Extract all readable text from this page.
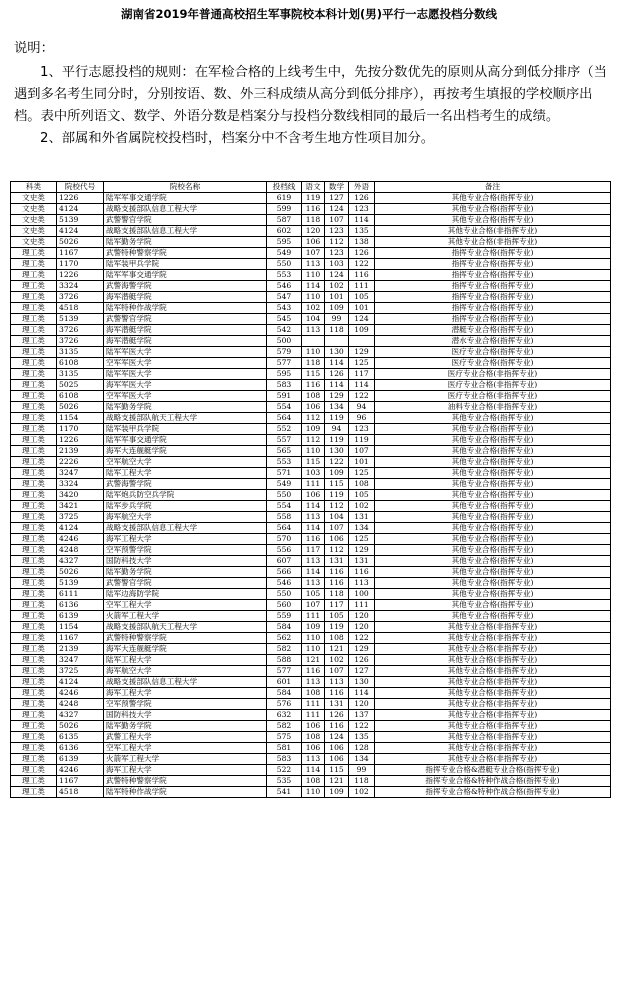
湖南省2019年普通高校招生军事院校本科计划(男)平行一志愿投档分数线

说明：

1、平行志愿投档的规则：在军检合格的上线考生中，先按分数优先的原则从高分到低分排序（当遇到多名考生同分时，分别按语、数、外三科成绩从高分到低分排序），再按考生填报的学校顺序出档。表中所列语文、数学、外语分数是档案分与投档分数线相同的最后一名出档考生的成绩。

2、部属和外省属院校投档时，档案分中不含考生地方性项目加分。

科类	院校代号	院校名称	投档线	语文	数学	外语	备注
文史类	1226	陆军军事交通学院	619	119	127	126	其他专业合格(指挥专业)
文史类	4124	战略支援部队信息工程大学	599	116	124	123	其他专业合格(指挥专业)
文史类	5139	武警警官学院	587	118	107	114	其他专业合格(指挥专业)
文史类	4124	战略支援部队信息工程大学	602	120	123	135	其他专业合格(非指挥专业)
文史类	5026	陆军勤务学院	595	106	112	138	其他专业合格(非指挥专业)
理工类	1167	武警特种警察学院	549	107	123	126	指挥专业合格(指挥专业)
理工类	1170	陆军装甲兵学院	550	113	103	122	指挥专业合格(指挥专业)
理工类	1226	陆军军事交通学院	553	110	124	116	指挥专业合格(指挥专业)
理工类	3324	武警海警学院	546	114	102	111	指挥专业合格(指挥专业)
理工类	3726	海军潜艇学院	547	110	101	105	指挥专业合格(指挥专业)
理工类	4518	陆军特种作战学院	543	102	109	101	指挥专业合格(指挥专业)
理工类	5139	武警警官学院	545	104	99	124	指挥专业合格(指挥专业)
理工类	3726	海军潜艇学院	542	113	118	109	潜艇专业合格(指挥专业)
理工类	3726	海军潜艇学院	500				潜水专业合格(指挥专业)
理工类	3135	陆军军医大学	579	110	130	129	医疗专业合格(指挥专业)
理工类	6108	空军军医大学	577	118	114	125	医疗专业合格(指挥专业)
理工类	3135	陆军军医大学	595	115	126	117	医疗专业合格(非指挥专业)
理工类	5025	海军军医大学	583	116	114	114	医疗专业合格(非指挥专业)
理工类	6108	空军军医大学	591	108	129	122	医疗专业合格(非指挥专业)
理工类	5026	陆军勤务学院	554	106	134	94	油料专业合格(非指挥专业)
理工类	1154	战略支援部队航天工程大学	564	112	119	96	其他专业合格(指挥专业)
理工类	1170	陆军装甲兵学院	552	109	94	123	其他专业合格(指挥专业)
理工类	1226	陆军军事交通学院	557	112	119	119	其他专业合格(指挥专业)
理工类	2139	海军大连舰艇学院	565	110	130	107	其他专业合格(指挥专业)
理工类	2226	空军航空大学	553	115	122	101	其他专业合格(指挥专业)
理工类	3247	陆军工程大学	571	103	109	125	其他专业合格(指挥专业)
理工类	3324	武警海警学院	549	111	115	108	其他专业合格(指挥专业)
理工类	3420	陆军炮兵防空兵学院	550	106	119	105	其他专业合格(指挥专业)
理工类	3421	陆军步兵学院	554	114	112	102	其他专业合格(指挥专业)
理工类	3725	海军航空大学	558	113	104	131	其他专业合格(指挥专业)
理工类	4124	战略支援部队信息工程大学	564	114	107	134	其他专业合格(指挥专业)
理工类	4246	海军工程大学	570	116	106	125	其他专业合格(指挥专业)
理工类	4248	空军预警学院	556	117	112	129	其他专业合格(指挥专业)
理工类	4327	国防科技大学	607	113	131	131	其他专业合格(指挥专业)
理工类	5026	陆军勤务学院	566	114	116	116	其他专业合格(指挥专业)
理工类	5139	武警警官学院	546	113	116	113	其他专业合格(指挥专业)
理工类	6111	陆军边海防学院	550	105	118	100	其他专业合格(指挥专业)
理工类	6136	空军工程大学	560	107	117	111	其他专业合格(指挥专业)
理工类	6139	火箭军工程大学	559	111	105	120	其他专业合格(指挥专业)
理工类	1154	战略支援部队航天工程大学	584	109	119	120	其他专业合格(非指挥专业)
理工类	1167	武警特种警察学院	562	110	108	122	其他专业合格(非指挥专业)
理工类	2139	海军大连舰艇学院	582	110	121	129	其他专业合格(非指挥专业)
理工类	3247	陆军工程大学	588	121	102	126	其他专业合格(非指挥专业)
理工类	3725	海军航空大学	577	116	107	127	其他专业合格(非指挥专业)
理工类	4124	战略支援部队信息工程大学	601	113	113	130	其他专业合格(非指挥专业)
理工类	4246	海军工程大学	584	108	116	114	其他专业合格(非指挥专业)
理工类	4248	空军预警学院	576	111	131	120	其他专业合格(非指挥专业)
理工类	4327	国防科技大学	632	111	126	137	其他专业合格(非指挥专业)
理工类	5026	陆军勤务学院	582	106	116	122	其他专业合格(非指挥专业)
理工类	6135	武警工程大学	575	108	124	135	其他专业合格(非指挥专业)
理工类	6136	空军工程大学	581	106	106	128	其他专业合格(非指挥专业)
理工类	6139	火箭军工程大学	583	113	106	134	其他专业合格(非指挥专业)
理工类	4246	海军工程大学	522	114	115	99	指挥专业合格&潜艇专业合格(指挥专业)
理工类	1167	武警特种警察学院	535	108	121	118	指挥专业合格&特种作战合格(指挥专业)
理工类	4518	陆军特种作战学院	541	110	109	102	指挥专业合格&特种作战合格(指挥专业)
